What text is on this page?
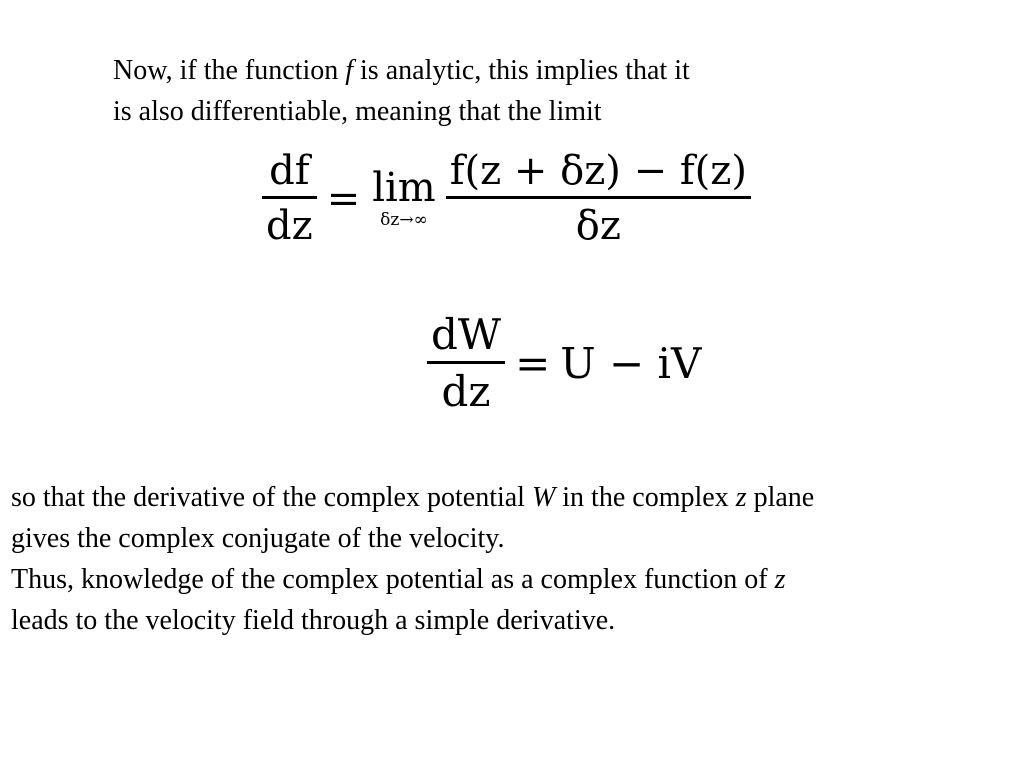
Now, if the function f is analytic, this implies that it
is also differentiable, meaning that the limit
$\frac{df}{dz} = \lim$
$\delta z\to\infty \frac{f(z + \delta z) - f(z)}{\delta z}$
$\frac{dW}{dz} = U$ − iV
so that the derivative of the complex potential W in the complex z plane
gives the complex conjugate of the velocity.
Thus, knowledge of the complex potential as a complex function of z
leads to the velocity field through a simple derivative.
